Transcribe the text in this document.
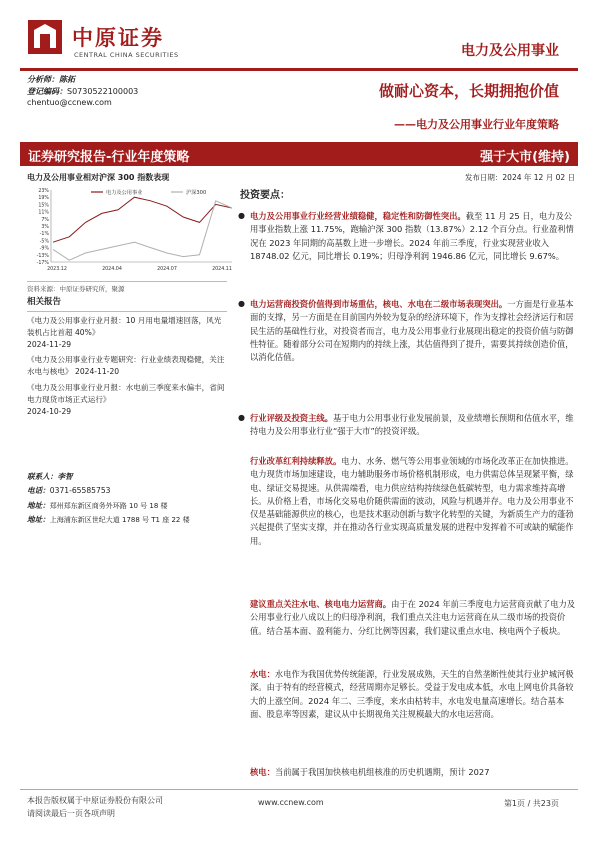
中原证券
CENTRAL CHINA SECURITIES	电力及公用事业
分析师：陈拓
登记编码：S0730522100003
chentuo@ccnew.com
做耐心资本，长期拥抱价值
——电力及公用事业行业年度策略
证券研究报告-行业年度策略	强于大市(维持)
电力及公用事业相对沪深 300 指数表现
23%
19%
15%
11%
7%
3%
-1%
-5%
-9%
-13%
-17%
2023.12	2024.04	2024.07	2024.11
电力及公用事业	沪深300
资料来源：中原证券研究所，聚源
相关报告
《电力及公用事业行业月报：10 月用电量增速回落，风光装机占比首超 40%》
2024-11-29
《电力及公用事业行业专题研究：行业业绩表现稳健，关注水电与核电》 2024-11-20
《电力及公用事业行业月报：水电前三季度来水偏丰，省间电力现货市场正式运行》
2024-10-29
联系人：李智
电话：0371-65585753
地址：郑州郑东新区商务外环路 10 号 18 楼
地址：上海浦东新区世纪大道 1788 号 T1 座 22 楼
发布日期：2024 年 12 月 02 日
投资要点：
● 电力及公用事业行业经营业绩稳健，稳定性和防御性突出。截至 11 月 25 日，电力及公用事业指数上涨 11.75%，跑输沪深 300 指数（13.87%）2.12 个百分点。行业盈利情况在 2023 年同期的高基数上进一步增长。2024 年前三季度，行业实现营业收入 18748.02 亿元，同比增长 0.19%；归母净利润 1946.86 亿元，同比增长 9.67%。
● 电力运营商投资价值得到市场重估，核电、水电在二级市场表现突出。一方面是行业基本面的支撑，另一方面是在目前国内外较为复杂的经济环境下，作为支撑社会经济运行和居民生活的基础性行业，对投资者而言，电力及公用事业行业展现出稳定的投资价值与防御性特征。随着部分公司在短期内的持续上涨，其估值得到了提升，需要其持续创造价值，以消化估值。
● 行业评级及投资主线。基于电力公用事业行业发展前景，及业绩增长预期和估值水平，维持电力及公用事业行业“强于大市”的投资评级。
行业改革红利持续释放。电力、水务、燃气等公用事业领域的市场化改革正在加快推进。电力现货市场加速建设，电力辅助服务市场价格机制形成，电力供需总体呈现紧平衡，绿电、绿证交易提速。从供需端看，电力供应结构持续绿色低碳转型，电力需求维持高增长。从价格上看，市场化交易电价随供需面的波动，风险与机遇并存。电力及公用事业不仅是基础能源供应的核心，也是技术驱动创新与数字化转型的关键，为新质生产力的蓬勃兴起提供了坚实支撑，并在推动各行业实现高质量发展的进程中发挥着不可或缺的赋能作用。
建议重点关注水电、核电电力运营商。由于在 2024 年前三季度电力运营商贡献了电力及公用事业行业八成以上的归母净利润，我们重点关注电力运营商在从二级市场的投资价值。结合基本面、盈利能力、分红比例等因素，我们建议重点水电、核电两个子板块。
水电：水电作为我国优势传统能源，行业发展成熟，天生的自然垄断性使其行业护城河极深。由于特有的经营模式，经营周期亦足够长。受益于发电成本低，水电上网电价具备较大的上涨空间。2024 年二、三季度，来水由枯转丰，水电发电量高速增长。结合基本面、股息率等因素，建议从中长期视角关注规模最大的水电运营商。
核电：当前属于我国加快核电机组核准的历史机遇期，预计 2027
本报告版权属于中原证券股份有限公司
请阅读最后一页各项声明
www.ccnew.com	第1页 / 共23页
